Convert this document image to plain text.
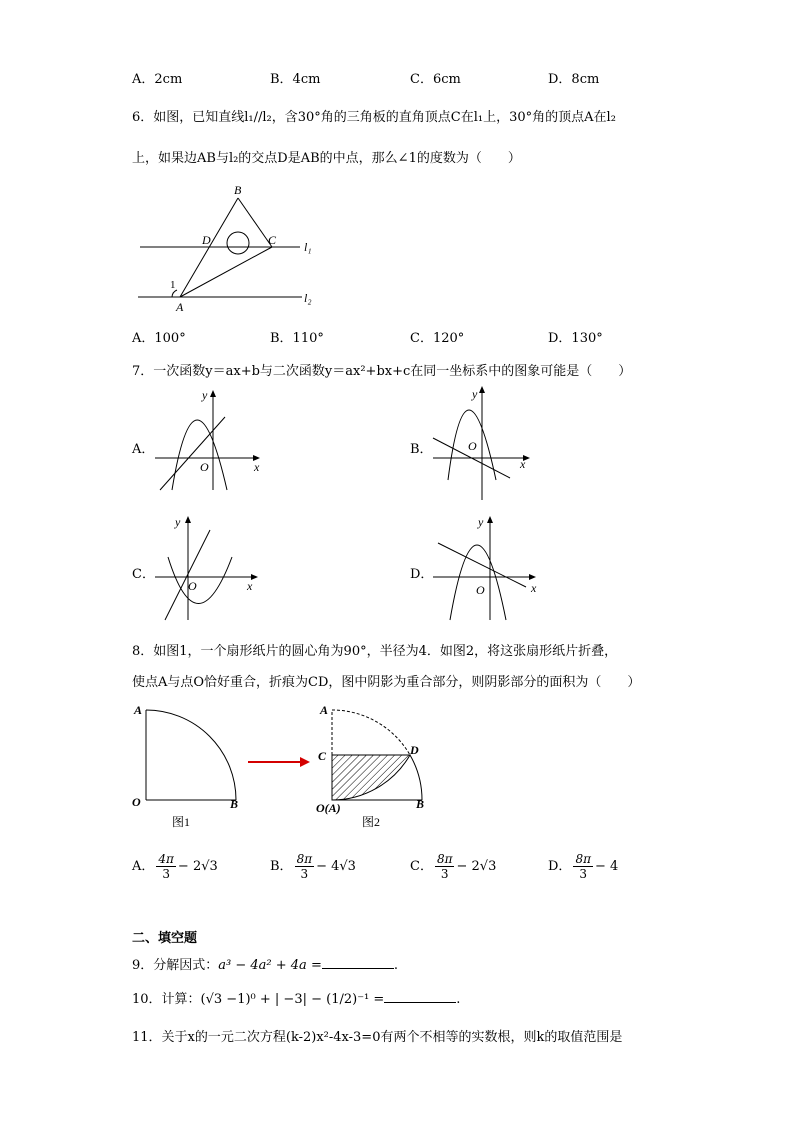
A．2cm	B．4cm	C．6cm	D．8cm
6．如图，已知直线l₁//l₂，含30°角的三角板的直角顶点C在l₁上，30°角的顶点A在l₂
上，如果边AB与l₂的交点D是AB的中点，那么∠1的度数为（　　）
B
D	C
A
1
l₁
l₂
A．100°	B．110°	C．120°	D．130°
7．一次函数y＝ax+b与二次函数y＝ax²+bx+c在同一坐标系中的图象可能是（　　）
A．
O	x
y
B．	O
x
y
C．
O	x
y
D．
O	x
y
8．如图1，一个扇形纸片的圆心角为90°，半径为4．如图2，将这张扇形纸片折叠，
使点A与点O恰好重合，折痕为CD，图中阴影为重合部分，则阴影部分的面积为（　　）
A
O	B
图1
A
C	D
O(A)	B
图2
A． $\frac{4\pi}{3} - 2√3$	B． $\frac{8\pi}{3} - 4√3$	C． $\frac{8\pi}{3} - 2√3$	D． $\frac{8\pi}{3} - 4$
二、填空题
9．分解因式：a³ − 4a² + 4a =	.
10．计算：(√3 −1)⁰ + | −3| − (1/2)⁻¹ =	.
11．关于x的一元二次方程(k-2)x²-4x-3=0有两个不相等的实数根，则k的取值范围是
